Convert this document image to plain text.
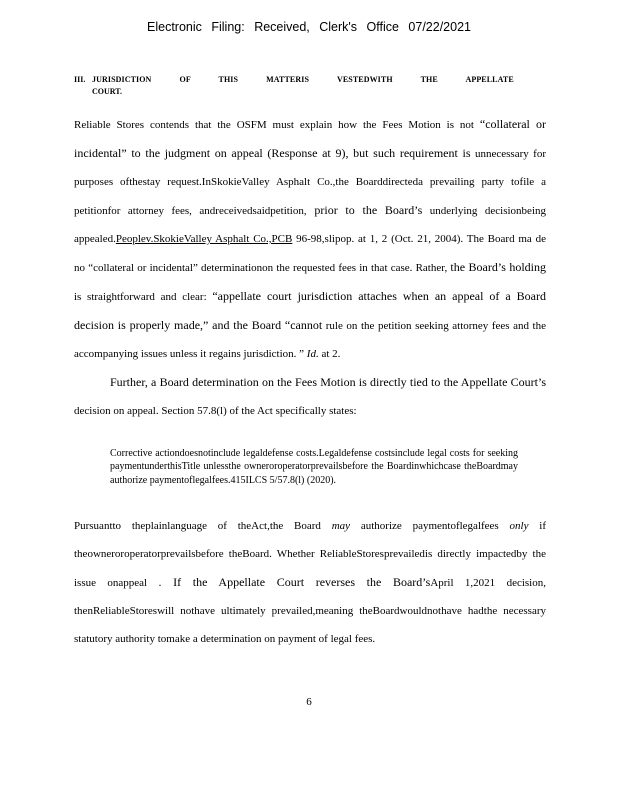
Electronic Filing: Received, Clerk's Office 07/22/2021
III. JURISDICTION OF THIS MATTERIS VESTEDWITH THE APPELLATE
COURT.

Reliable Stores contends that the OSFM must explain how the Fees Motion is not “collateral or incidental” to the judgment on appeal (Response at 9), but such requirement is unnecessary for purposes ofthestay request.InSkokieValley Asphalt Co.,the Boarddirecteda prevailing party tofile a petitionfor attorney fees, andreceivedsaidpetition, prior to the Board’s underlying decisionbeing appealed.Peoplev.SkokieValley Asphalt Co.,PCB 96-98,slipop. at 1, 2 (Oct. 21, 2004). The Board ma de no “collateral or incidental” determinationon the requested fees in that case. Rather, the Board’s holding is straightforward and clear: “appellate court jurisdiction attaches when an appeal of a Board decision is properly made,” and the Board “cannot rule on the petition seeking attorney fees and the accompanying issues unless it regains jurisdiction. ” Id. at 2.

Further, a Board determination on the Fees Motion is directly tied to the Appellate Court’s decision on appeal. Section 57.8(l) of the Act specifically states:

Corrective actiondoesnotinclude legaldefense costs.Legaldefense costsinclude legal costs for seeking paymentunderthisTitle unlessthe owneroroperatorprevailsbefore the Boardinwhichcase theBoardmay authorize paymentoflegalfees.415ILCS 5/57.8(l) (2020).

Pursuantto theplainlanguage of theAct,the Board may authorize paymentoflegalfees only if theowneroroperatorprevailsbefore theBoard. Whether ReliableStoresprevailedis directly impactedby the issue onappeal . If the Appellate Court reverses the Board’sApril 1,2021 decision, thenReliableStoreswill nothave ultimately prevailed,meaning theBoardwouldnothave hadthe necessary statutory authority tomake a determination on payment of legal fees.

6
